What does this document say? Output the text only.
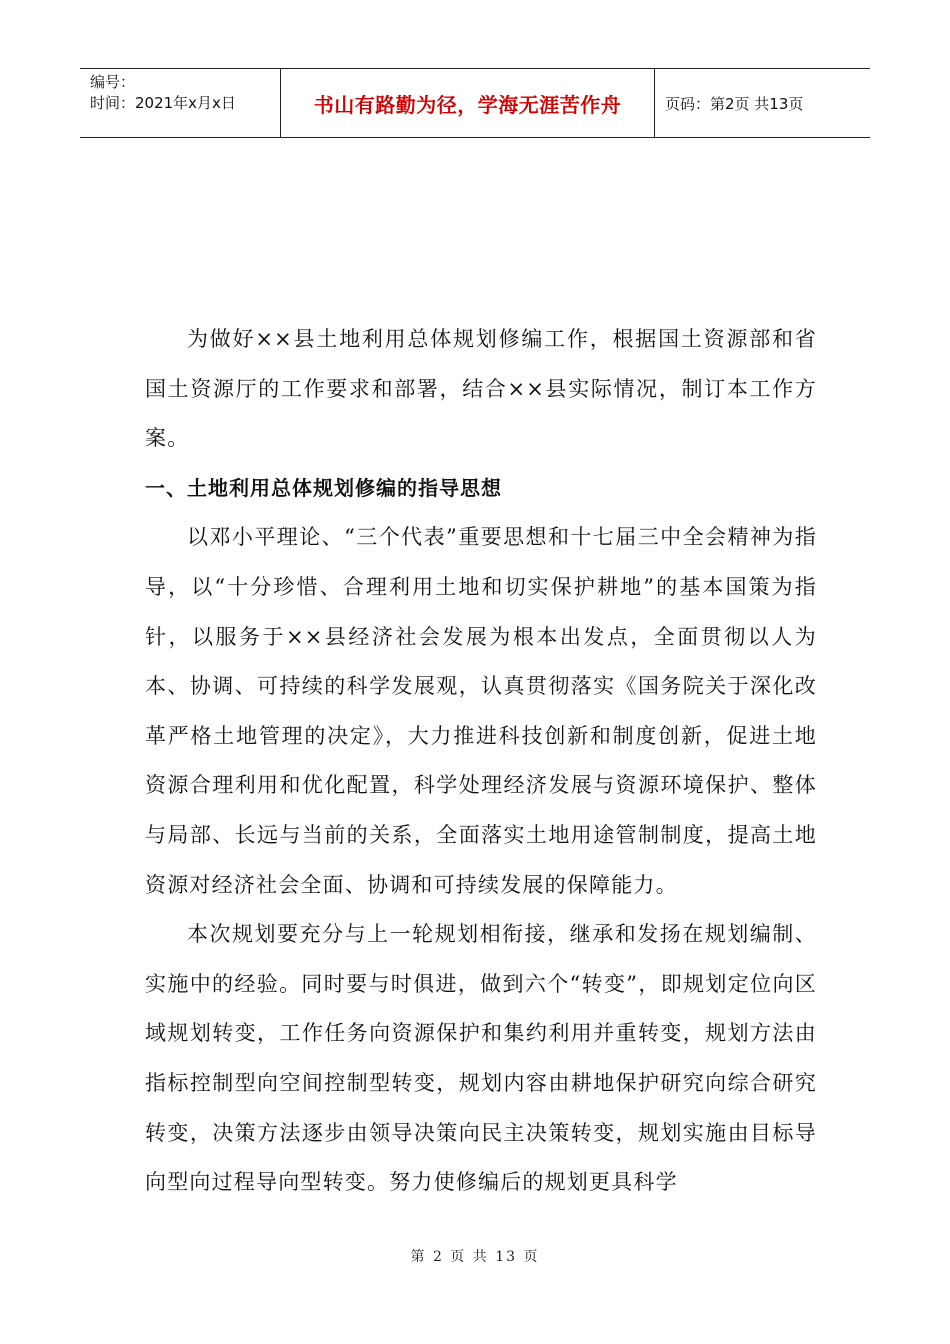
编号：
时间：2021年x月x日	书山有路勤为径，学海无涯苦作舟	页码：第2页 共13页

为做好××县土地利用总体规划修编工作，根据国土资源部和省国土资源厅的工作要求和部署，结合××县实际情况，制订本工作方案。

一、土地利用总体规划修编的指导思想

以邓小平理论、“三个代表”重要思想和十七届三中全会精神为指导，以“十分珍惜、合理利用土地和切实保护耕地”的基本国策为指针，以服务于××县经济社会发展为根本出发点，全面贯彻以人为本、协调、可持续的科学发展观，认真贯彻落实《国务院关于深化改革严格土地管理的决定》，大力推进科技创新和制度创新，促进土地资源合理利用和优化配置，科学处理经济发展与资源环境保护、整体与局部、长远与当前的关系，全面落实土地用途管制制度，提高土地资源对经济社会全面、协调和可持续发展的保障能力。

本次规划要充分与上一轮规划相衔接，继承和发扬在规划编制、实施中的经验。同时要与时俱进，做到六个“转变”，即规划定位向区域规划转变，工作任务向资源保护和集约利用并重转变，规划方法由指标控制型向空间控制型转变，规划内容由耕地保护研究向综合研究转变，决策方法逐步由领导决策向民主决策转变，规划实施由目标导向型向过程导向型转变。努力使修编后的规划更具科学

第 2 页 共 13 页
